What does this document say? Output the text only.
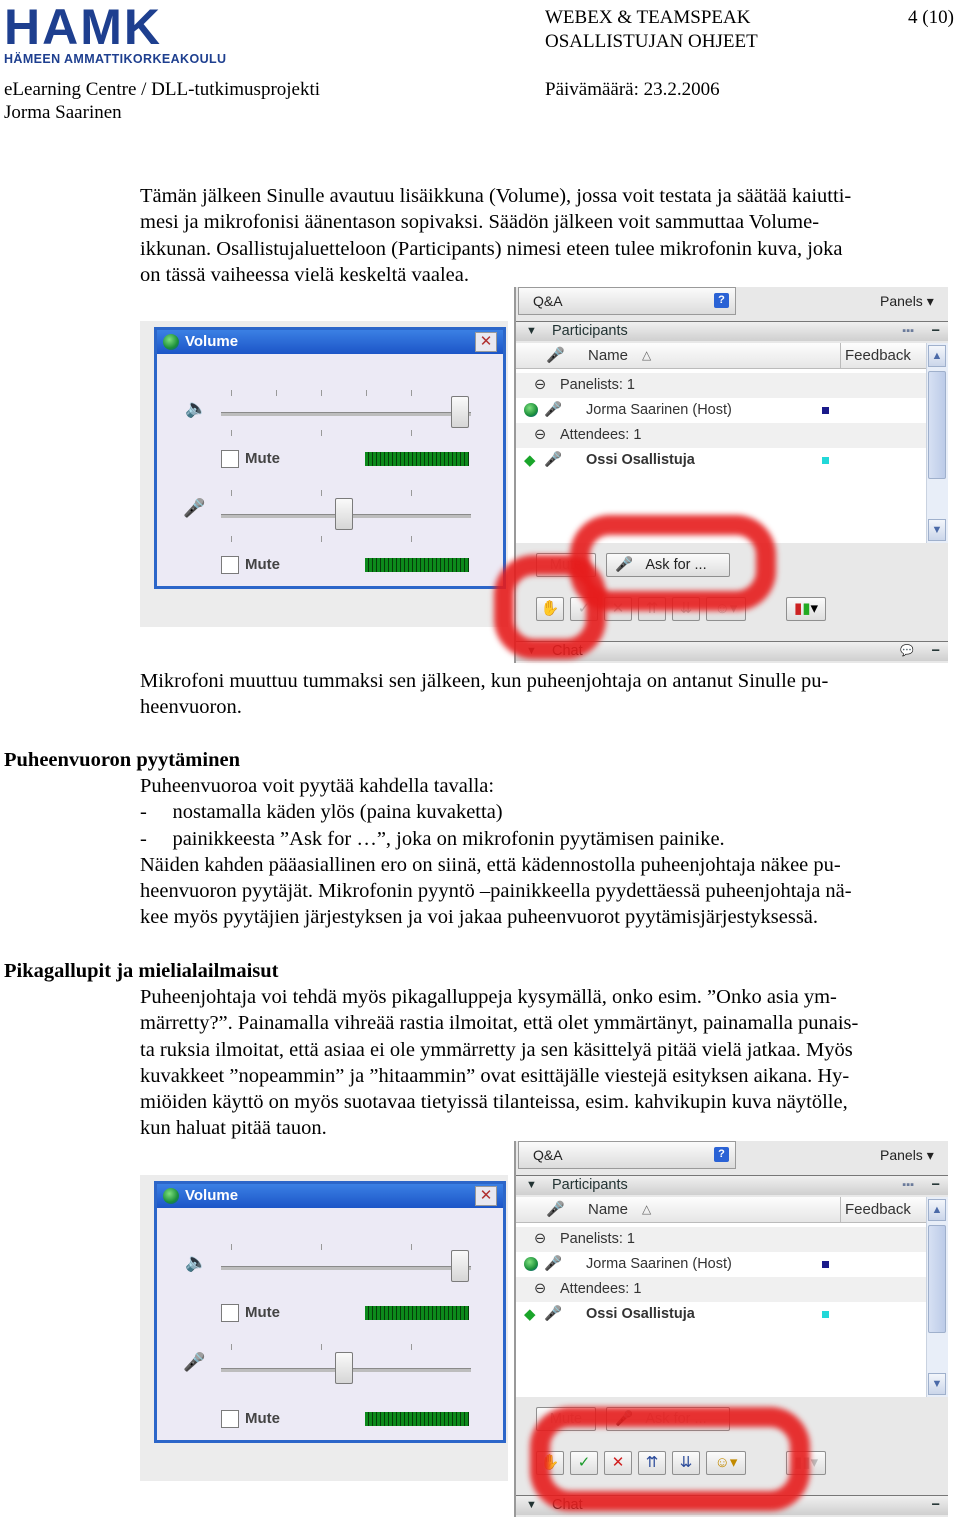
HAMK
HÄMEEN AMMATTIKORKEAKOULU
WEBEX & TEAMSPEAK
OSALLISTUJAN OHJEET
4 (10)
eLearning Centre / DLL-tutkimusprojekti	Päivämäärä: 23.2.2006
Jorma Saarinen
Tämän jälkeen Sinulle avautuu lisäikkuna (Volume), jossa voit testata ja säätää kaiutti-
mesi ja mikrofonisi äänentason sopivaksi. Säädön jälkeen voit sammuttaa Volume-
ikkunan. Osallistujaluetteloon (Participants) nimesi eteen tulee mikrofonin kuva, joka
on tässä vaiheessa vielä keskeltä vaalea.
Volume	✕
🔈
Mute
🎤
Mute
Q&A	?	Panels ▾
▼ Participants	▪▪▪ −
🎤 Name △	Feedback
⊖ Panelists: 1
🎤 Jorma Saarinen (Host)
⊖ Attendees: 1
◆ 🎤 Ossi Osallistuja
▲
▼
Mute	🎤 Ask for ...
✋	✓	✕	⇈	⇊	☺▾	▮▮▾
▼ Chat	💬 −
Mikrofoni muuttuu tummaksi sen jälkeen, kun puheenjohtaja on antanut Sinulle pu-
heenvuoron.
Puheenvuoron pyytäminen
Puheenvuoroa voit pyytää kahdella tavalla:
-     nostamalla käden ylös (paina kuvaketta)
-     painikkeesta ”Ask for …”, joka on mikrofonin pyytämisen painike.
Näiden kahden pääasiallinen ero on siinä, että kädennostolla puheenjohtaja näkee pu-
heenvuoron pyytäjät. Mikrofonin pyyntö –painikkeella pyydettäessä puheenjohtaja nä-
kee myös pyytäjien järjestyksen ja voi jakaa puheenvuorot pyytämisjärjestyksessä.
Pikagallupit ja mielialailmaisut
Puheenjohtaja voi tehdä myös pikagalluppeja kysymällä, onko esim. ”Onko asia ym-
märretty?”. Painamalla vihreää rastia ilmoitat, että olet ymmärtänyt, painamalla punais-
ta ruksia ilmoitat, että asiaa ei ole ymmärretty ja sen käsittelyä pitää vielä jatkaa. Myös
kuvakkeet ”nopeammin” ja ”hitaammin” ovat esittäjälle viestejä esityksen aikana. Hy-
miöiden käyttö on myös suotavaa tietyissä tilanteissa, esim. kahvikupin kuva näytölle,
kun haluat pitää tauon.
Volume	✕
🔈
Mute
🎤
Mute
Q&A	?	Panels ▾
▼ Participants	▪▪▪ −
🎤 Name △	Feedback
⊖ Panelists: 1
🎤 Jorma Saarinen (Host)
⊖ Attendees: 1
◆ 🎤 Ossi Osallistuja
▲
▼
Mute	🎤 Ask for ...
✋	✓	✕	⇈	⇊	☺▾	▮▮▾
▼ Chat	−
